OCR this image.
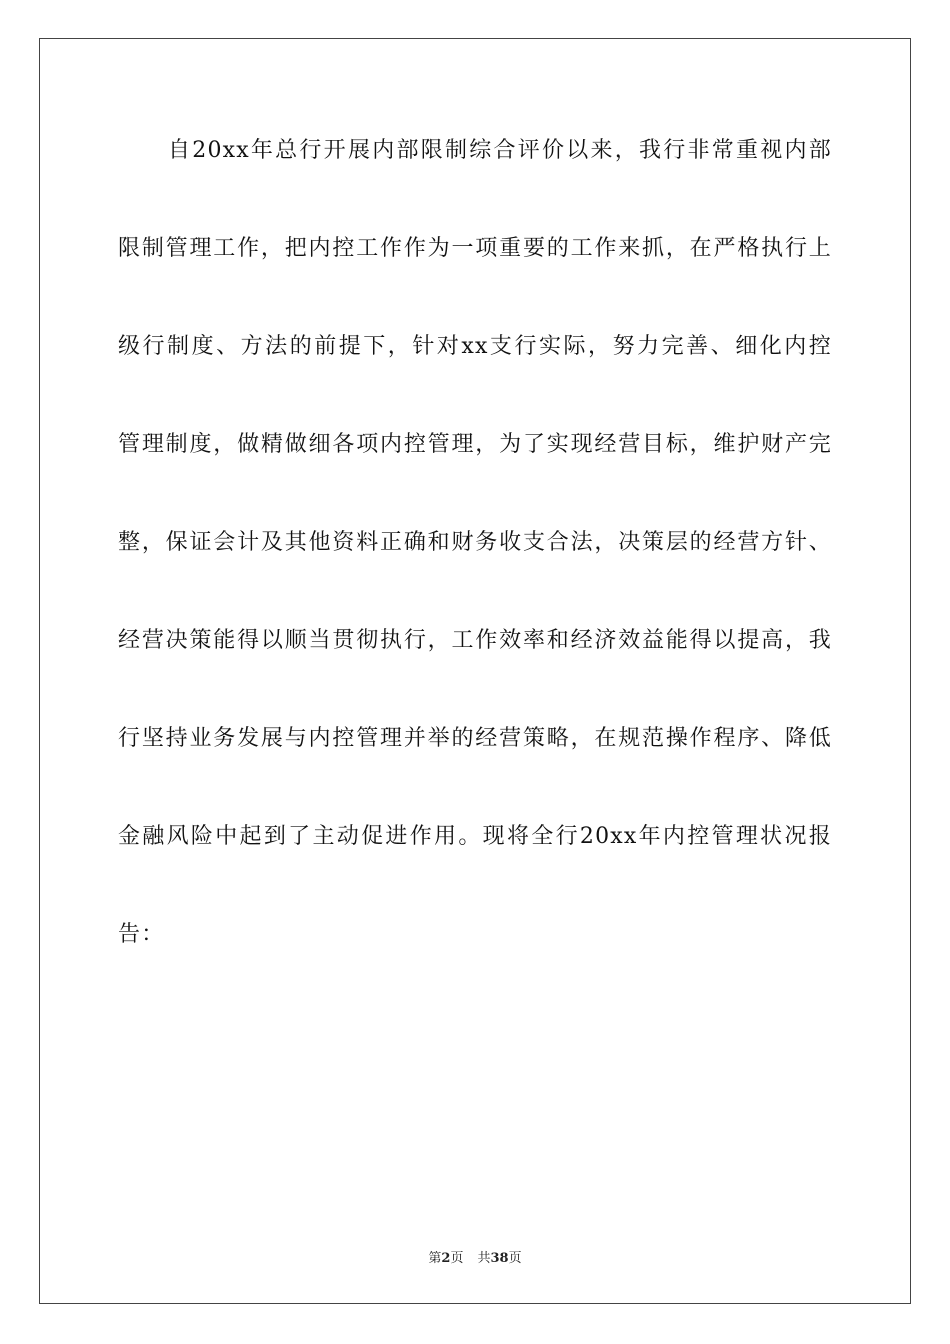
自20xx年总行开展内部限制综合评价以来，我行非常重视内部
限制管理工作，把内控工作作为一项重要的工作来抓，在严格执行上
级行制度、方法的前提下，针对xx支行实际，努力完善、细化内控
管理制度，做精做细各项内控管理，为了实现经营目标，维护财产完
整，保证会计及其他资料正确和财务收支合法，决策层的经营方针、
经营决策能得以顺当贯彻执行，工作效率和经济效益能得以提高，我
行坚持业务发展与内控管理并举的经营策略，在规范操作程序、降低
金融风险中起到了主动促进作用。现将全行20xx年内控管理状况报
告：
第2页 共38页
